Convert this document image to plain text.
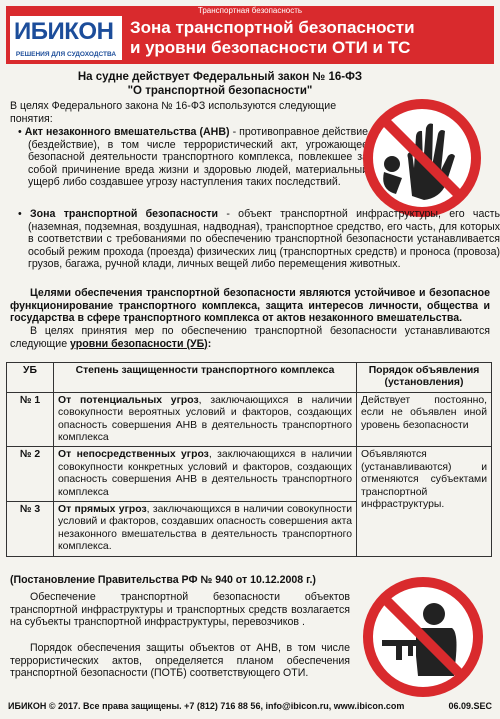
Транспортная безопасность
ИБИКОН
РЕШЕНИЯ ДЛЯ СУДОХОДСТВА
Зона транспортной безопасности
и уровни безопасности ОТИ и ТС
На судне действует Федеральный закон № 16-ФЗ
"О транспортной безопасности"
В целях Федерального закона № 16-ФЗ используются следующие
понятия:
• Акт незаконного вмешательства (АНВ) - противоправное действие (бездействие), в том числе террористический акт, угрожающее безопасной деятельности транспортного комплекса, повлекшее за собой причинение вреда жизни и здоровью людей, материальный ущерб либо создавшее угрозу наступления таких последствий.
• Зона транспортной безопасности - объект транспортной инфраструктуры, его часть (наземная, подземная, воздушная, надводная), транспортное средство, его часть, для которых в соответствии с требованиями по обеспечению транспортной безопасности устанавливается особый режим прохода (проезда) физических лиц (транспортных средств) и проноса (провоза) грузов, багажа, ручной клади, личных вещей либо перемещения животных.
Целями обеспечения транспортной безопасности являются устойчивое и безопасное функционирование транспортного комплекса, защита интересов личности, общества и государства в сфере транспортного комплекса от актов незаконного вмешательства.
В целях принятия мер по обеспечению транспортной безопасности устанавливаются следующие уровни безопасности (УБ):
УБ	Степень защищенности транспортного комплекса	Порядок объявления (установления)
№ 1	От потенциальных угроз, заключающихся в наличии совокупности вероятных условий и факторов, создающих опасность совершения АНВ в деятельность транспортного комплекса	Действует постоянно, если не объявлен иной уровень безопасности
№ 2	От непосредственных угроз, заключающихся в наличии совокупности конкретных условий и факторов, создающих опасность совершения АНВ в деятельность транспортного комплекса	Объявляются (устанавливаются) и отменяются субъектами транспортной инфраструктуры.
№ 3	От прямых угроз, заключающихся в наличии совокупности условий и факторов, создавших опасность совершения акта незаконного вмешательства в деятельность транспортного комплекса.	
(Постановление Правительства РФ № 940 от 10.12.2008 г.)
Обеспечение транспортной безопасности объектов транспортной инфраструктуры и транспортных средств возлагается на субъекты транспортной инфраструктуры, перевозчиков .
Порядок обеспечения защиты объектов от АНВ, в том числе террористических актов, определяется планом обеспечения транспортной безопасности (ПОТБ) соответствующего ОТИ.
ИБИКОН © 2017. Все права защищены. +7 (812) 716 88 56, info@ibicon.ru, www.ibicon.com	06.09.SEC
